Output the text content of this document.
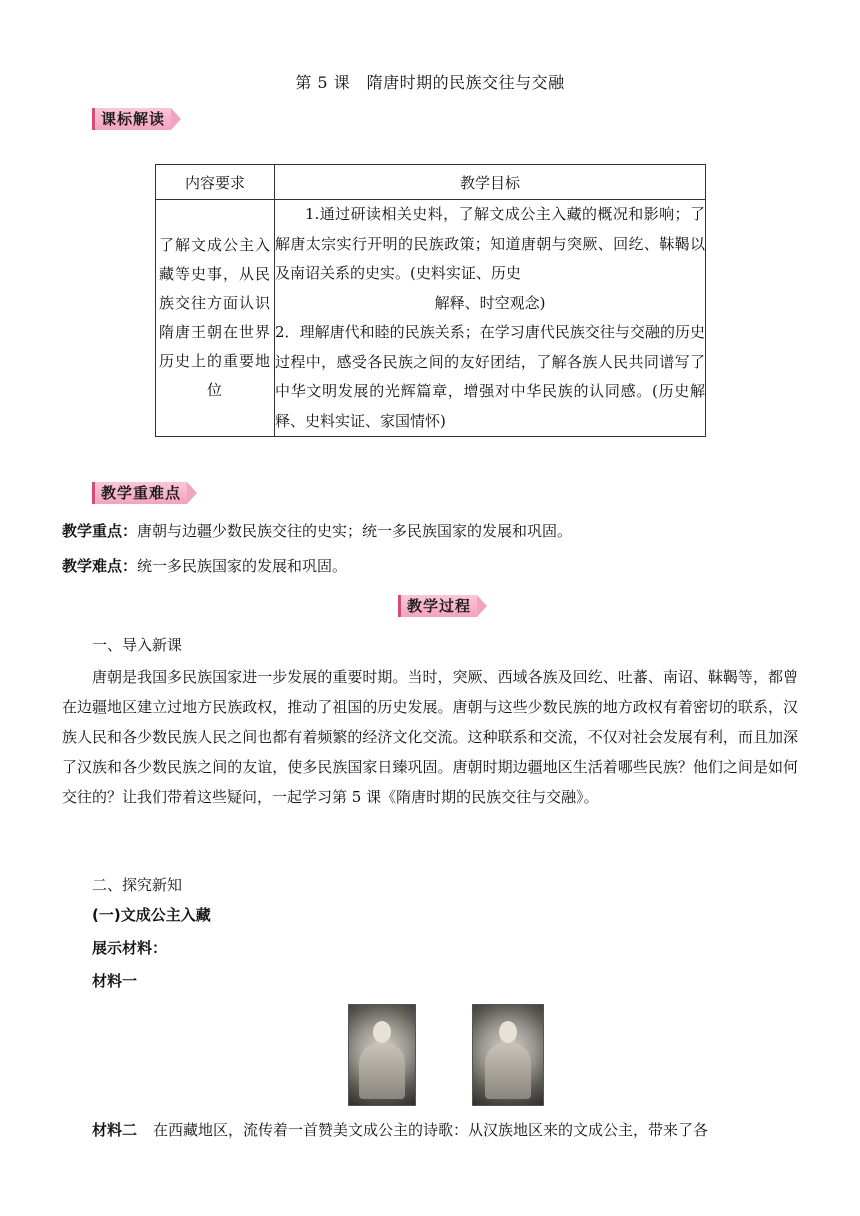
第 5 课　隋唐时期的民族交往与交融
课标解读
内容要求	教学目标
了解文成公主入藏等史事，从民族交往方面认识隋唐王朝在世界历史上的重要地位	1.通过研读相关史料，了解文成公主入藏的概况和影响；了解唐太宗实行开明的民族政策；知道唐朝与突厥、回纥、靺鞨以及南诏关系的史实。(史料实证、历史
解释、时空观念)

2．理解唐代和睦的民族关系；在学习唐代民族交往与交融的历史过程中，感受各民族之间的友好团结，了解各族人民共同谱写了中华文明发展的光辉篇章，增强对中华民族的认同感。(历史解释、史料实证、家国情怀)

教学重难点

教学重点：唐朝与边疆少数民族交往的史实；统一多民族国家的发展和巩固。

教学难点：统一多民族国家的发展和巩固。

教学过程

一、导入新课

唐朝是我国多民族国家进一步发展的重要时期。当时，突厥、西域各族及回纥、吐蕃、南诏、靺鞨等，都曾在边疆地区建立过地方民族政权，推动了祖国的历史发展。唐朝与这些少数民族的地方政权有着密切的联系，汉族人民和各少数民族人民之间也都有着频繁的经济文化交流。这种联系和交流，不仅对社会发展有利，而且加深了汉族和各少数民族之间的友谊，使多民族国家日臻巩固。唐朝时期边疆地区生活着哪些民族？他们之间是如何交往的？让我们带着这些疑问，一起学习第 5 课《隋唐时期的民族交往与交融》。

二、探究新知

(一)文成公主入藏

展示材料：

材料一

材料二 在西藏地区，流传着一首赞美文成公主的诗歌：从汉族地区来的文成公主，带来了各
